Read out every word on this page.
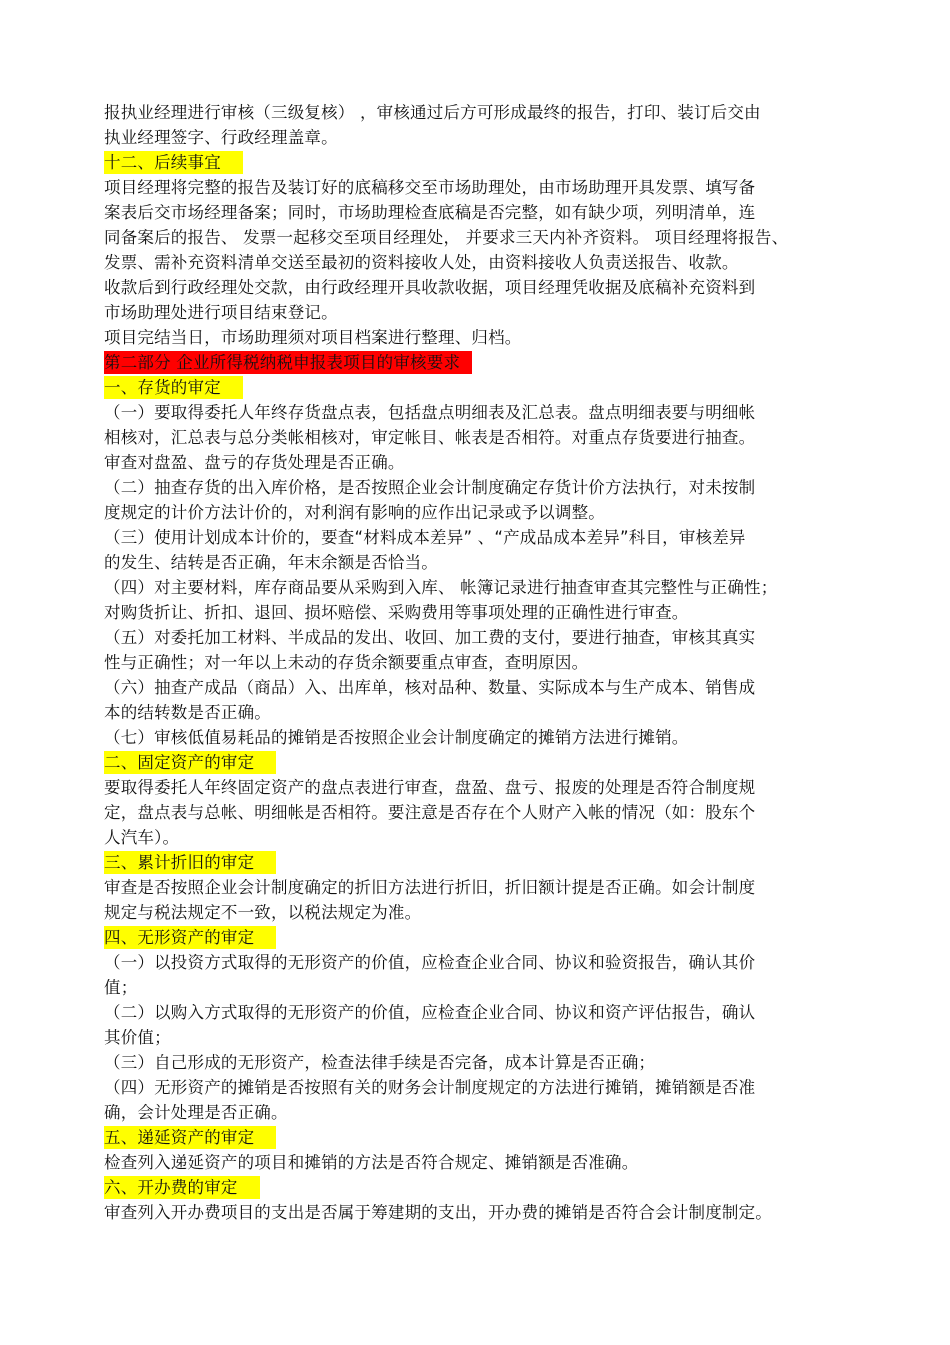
报执业经理进行审核（三级复核） ，审核通过后方可形成最终的报告，打印、装订后交由
执业经理签字、行政经理盖章。
十二、后续事宜
项目经理将完整的报告及装订好的底稿移交至市场助理处，由市场助理开具发票、填写备
案表后交市场经理备案；同时，市场助理检查底稿是否完整，如有缺少项，列明清单，连
同备案后的报告、 发票一起移交至项目经理处， 并要求三天内补齐资料。 项目经理将报告、
发票、需补充资料清单交送至最初的资料接收人处，由资料接收人负责送报告、收款。
收款后到行政经理处交款，由行政经理开具收款收据，项目经理凭收据及底稿补充资料到
市场助理处进行项目结束登记。
项目完结当日，市场助理须对项目档案进行整理、归档。
第二部分 企业所得税纳税申报表项目的审核要求
一、存货的审定
（一）要取得委托人年终存货盘点表，包括盘点明细表及汇总表。盘点明细表要与明细帐
相核对，汇总表与总分类帐相核对，审定帐目、帐表是否相符。对重点存货要进行抽查。
审查对盘盈、盘亏的存货处理是否正确。
（二）抽查存货的出入库价格，是否按照企业会计制度确定存货计价方法执行，对未按制
度规定的计价方法计价的，对利润有影响的应作出记录或予以调整。
（三）使用计划成本计价的，要查“材料成本差异” 、“产成品成本差异”科目，审核差异
的发生、结转是否正确，年末余额是否恰当。
（四）对主要材料，库存商品要从采购到入库、 帐簿记录进行抽查审查其完整性与正确性；
对购货折让、折扣、退回、损坏赔偿、采购费用等事项处理的正确性进行审查。
（五）对委托加工材料、半成品的发出、收回、加工费的支付，要进行抽查，审核其真实
性与正确性；对一年以上未动的存货余额要重点审查，查明原因。
（六）抽查产成品（商品）入、出库单，核对品种、数量、实际成本与生产成本、销售成
本的结转数是否正确。
（七）审核低值易耗品的摊销是否按照企业会计制度确定的摊销方法进行摊销。
二、固定资产的审定
要取得委托人年终固定资产的盘点表进行审查，盘盈、盘亏、报废的处理是否符合制度规
定，盘点表与总帐、明细帐是否相符。要注意是否存在个人财产入帐的情况（如：股东个
人汽车）。
三、累计折旧的审定
审查是否按照企业会计制度确定的折旧方法进行折旧，折旧额计提是否正确。如会计制度
规定与税法规定不一致，以税法规定为准。
四、无形资产的审定
（一）以投资方式取得的无形资产的价值，应检查企业合同、协议和验资报告，确认其价
值；
（二）以购入方式取得的无形资产的价值，应检查企业合同、协议和资产评估报告，确认
其价值；
（三）自己形成的无形资产，检查法律手续是否完备，成本计算是否正确；
（四）无形资产的摊销是否按照有关的财务会计制度规定的方法进行摊销，摊销额是否准
确，会计处理是否正确。
五、递延资产的审定
检查列入递延资产的项目和摊销的方法是否符合规定、摊销额是否准确。
六、开办费的审定
审查列入开办费项目的支出是否属于筹建期的支出，开办费的摊销是否符合会计制度制定。
